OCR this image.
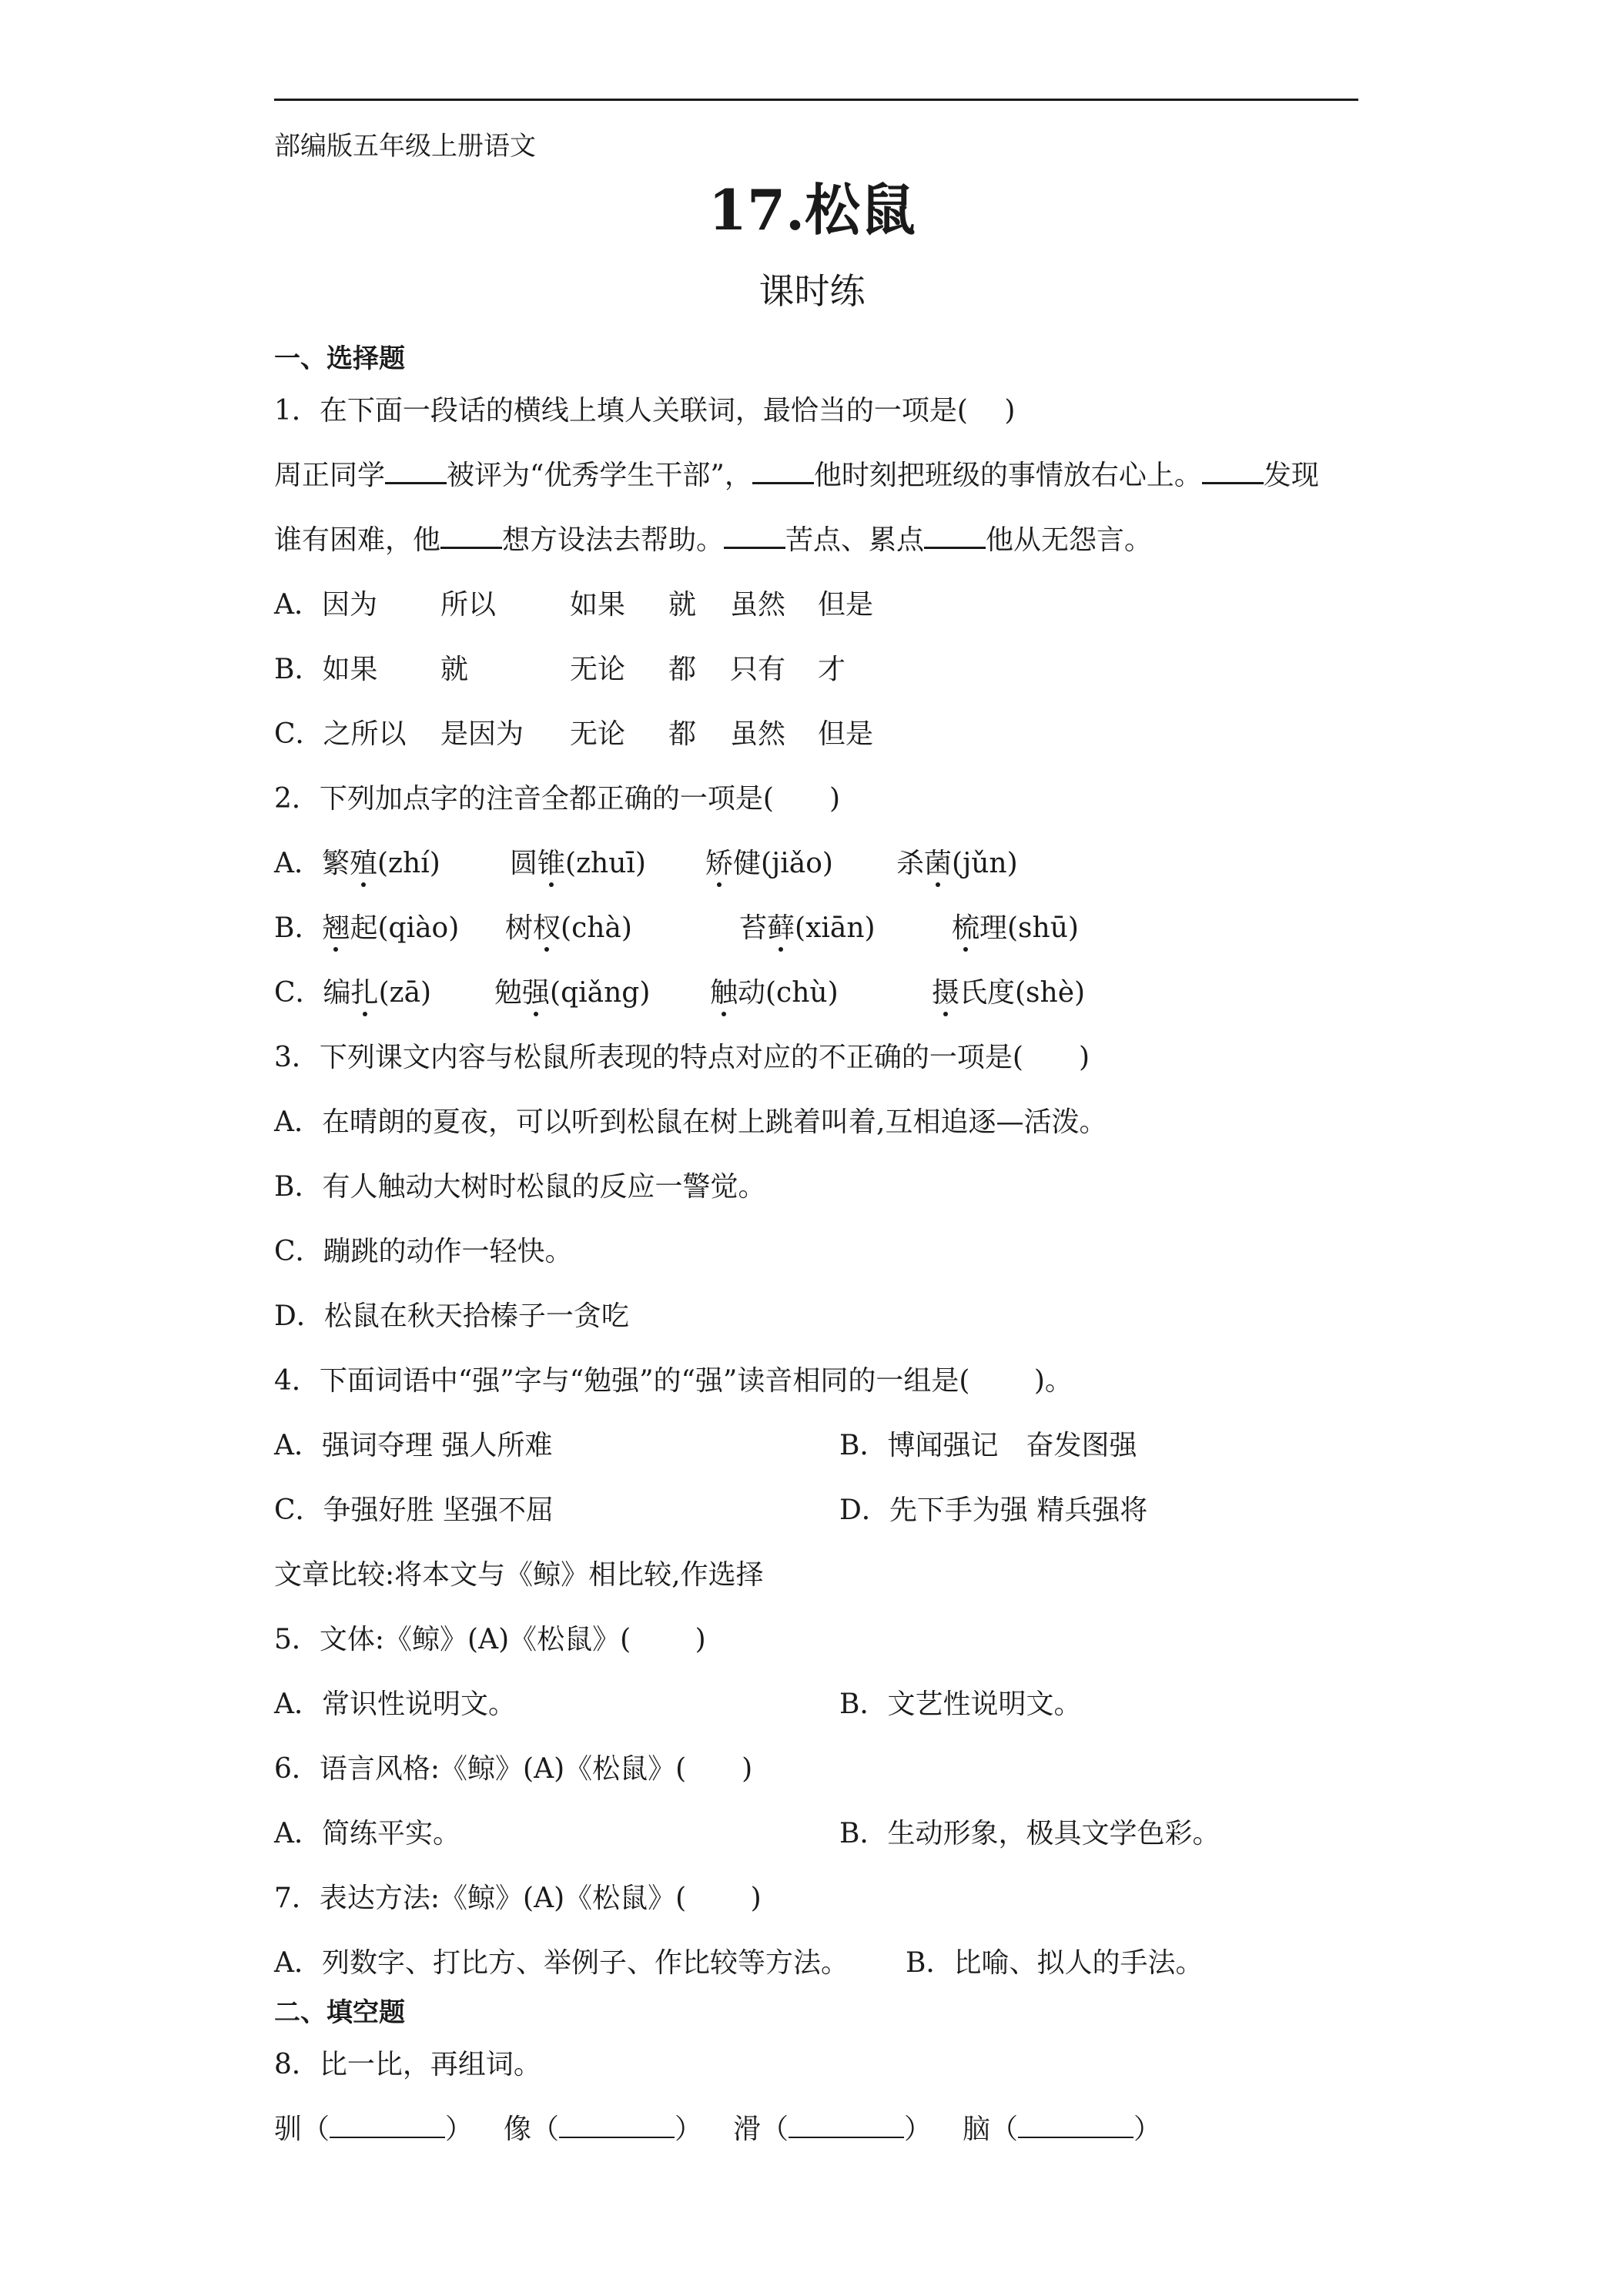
部编版五年级上册语文
17.松鼠
课时练
一、选择题
1．在下面一段话的横线上填人关联词，最恰当的一项是(　 )
周正同学 被评为“优秀学生干部”， 他时刻把班级的事情放右心上。 发现
谁有困难，他 想方设法去帮助。 苦点、累点 他从无怨言。
A．因为 所以	如果 就 虽然 但是
B．如果 就	无论 都 只有 才
C．之所以 是因为 无论 都 虽然 但是
2．下列加点字的注音全都正确的一项是(　　)
A．繁殖(zhí)	圆锥(zhuī) 矫健(jiǎo) 杀菌(jǔn)
B．翘起(qiào) 树杈(chà)	苔藓(xiān)	梳理(shū)
C．编扎(zā) 勉强(qiǎng) 触动(chù)	摄氏度(shè)
3．下列课文内容与松鼠所表现的特点对应的不正确的一项是(　　)
A．在晴朗的夏夜，可以听到松鼠在树上跳着叫着,互相追逐—活泼。
B．有人触动大树时松鼠的反应一警觉。
C．蹦跳的动作一轻快。
D．松鼠在秋天拾榛子一贪吃
4．下面词语中“强”字与“勉强”的“强”读音相同的一组是(　　 )。
A．强词夺理 强人所难	B．博闻强记　奋发图强
C．争强好胜 坚强不屈	D．先下手为强 精兵强将
文章比较:将本文与《鲸》相比较,作选择
5．文体:《鲸》(A)《松鼠》(　　 )
A．常识性说明文。	B．文艺性说明文。
6．语言风格:《鲸》(A)《松鼠》(　　)
A．简练平实。	B．生动形象，极具文学色彩。
7．表达方法:《鲸》(A)《松鼠》(　　 )
A．列数字、打比方、举例子、作比较等方法。 B．比喻、拟人的手法。
二、填空题
8．比一比，再组词。
驯（	） 像（	） 滑（	） 脑（	）
